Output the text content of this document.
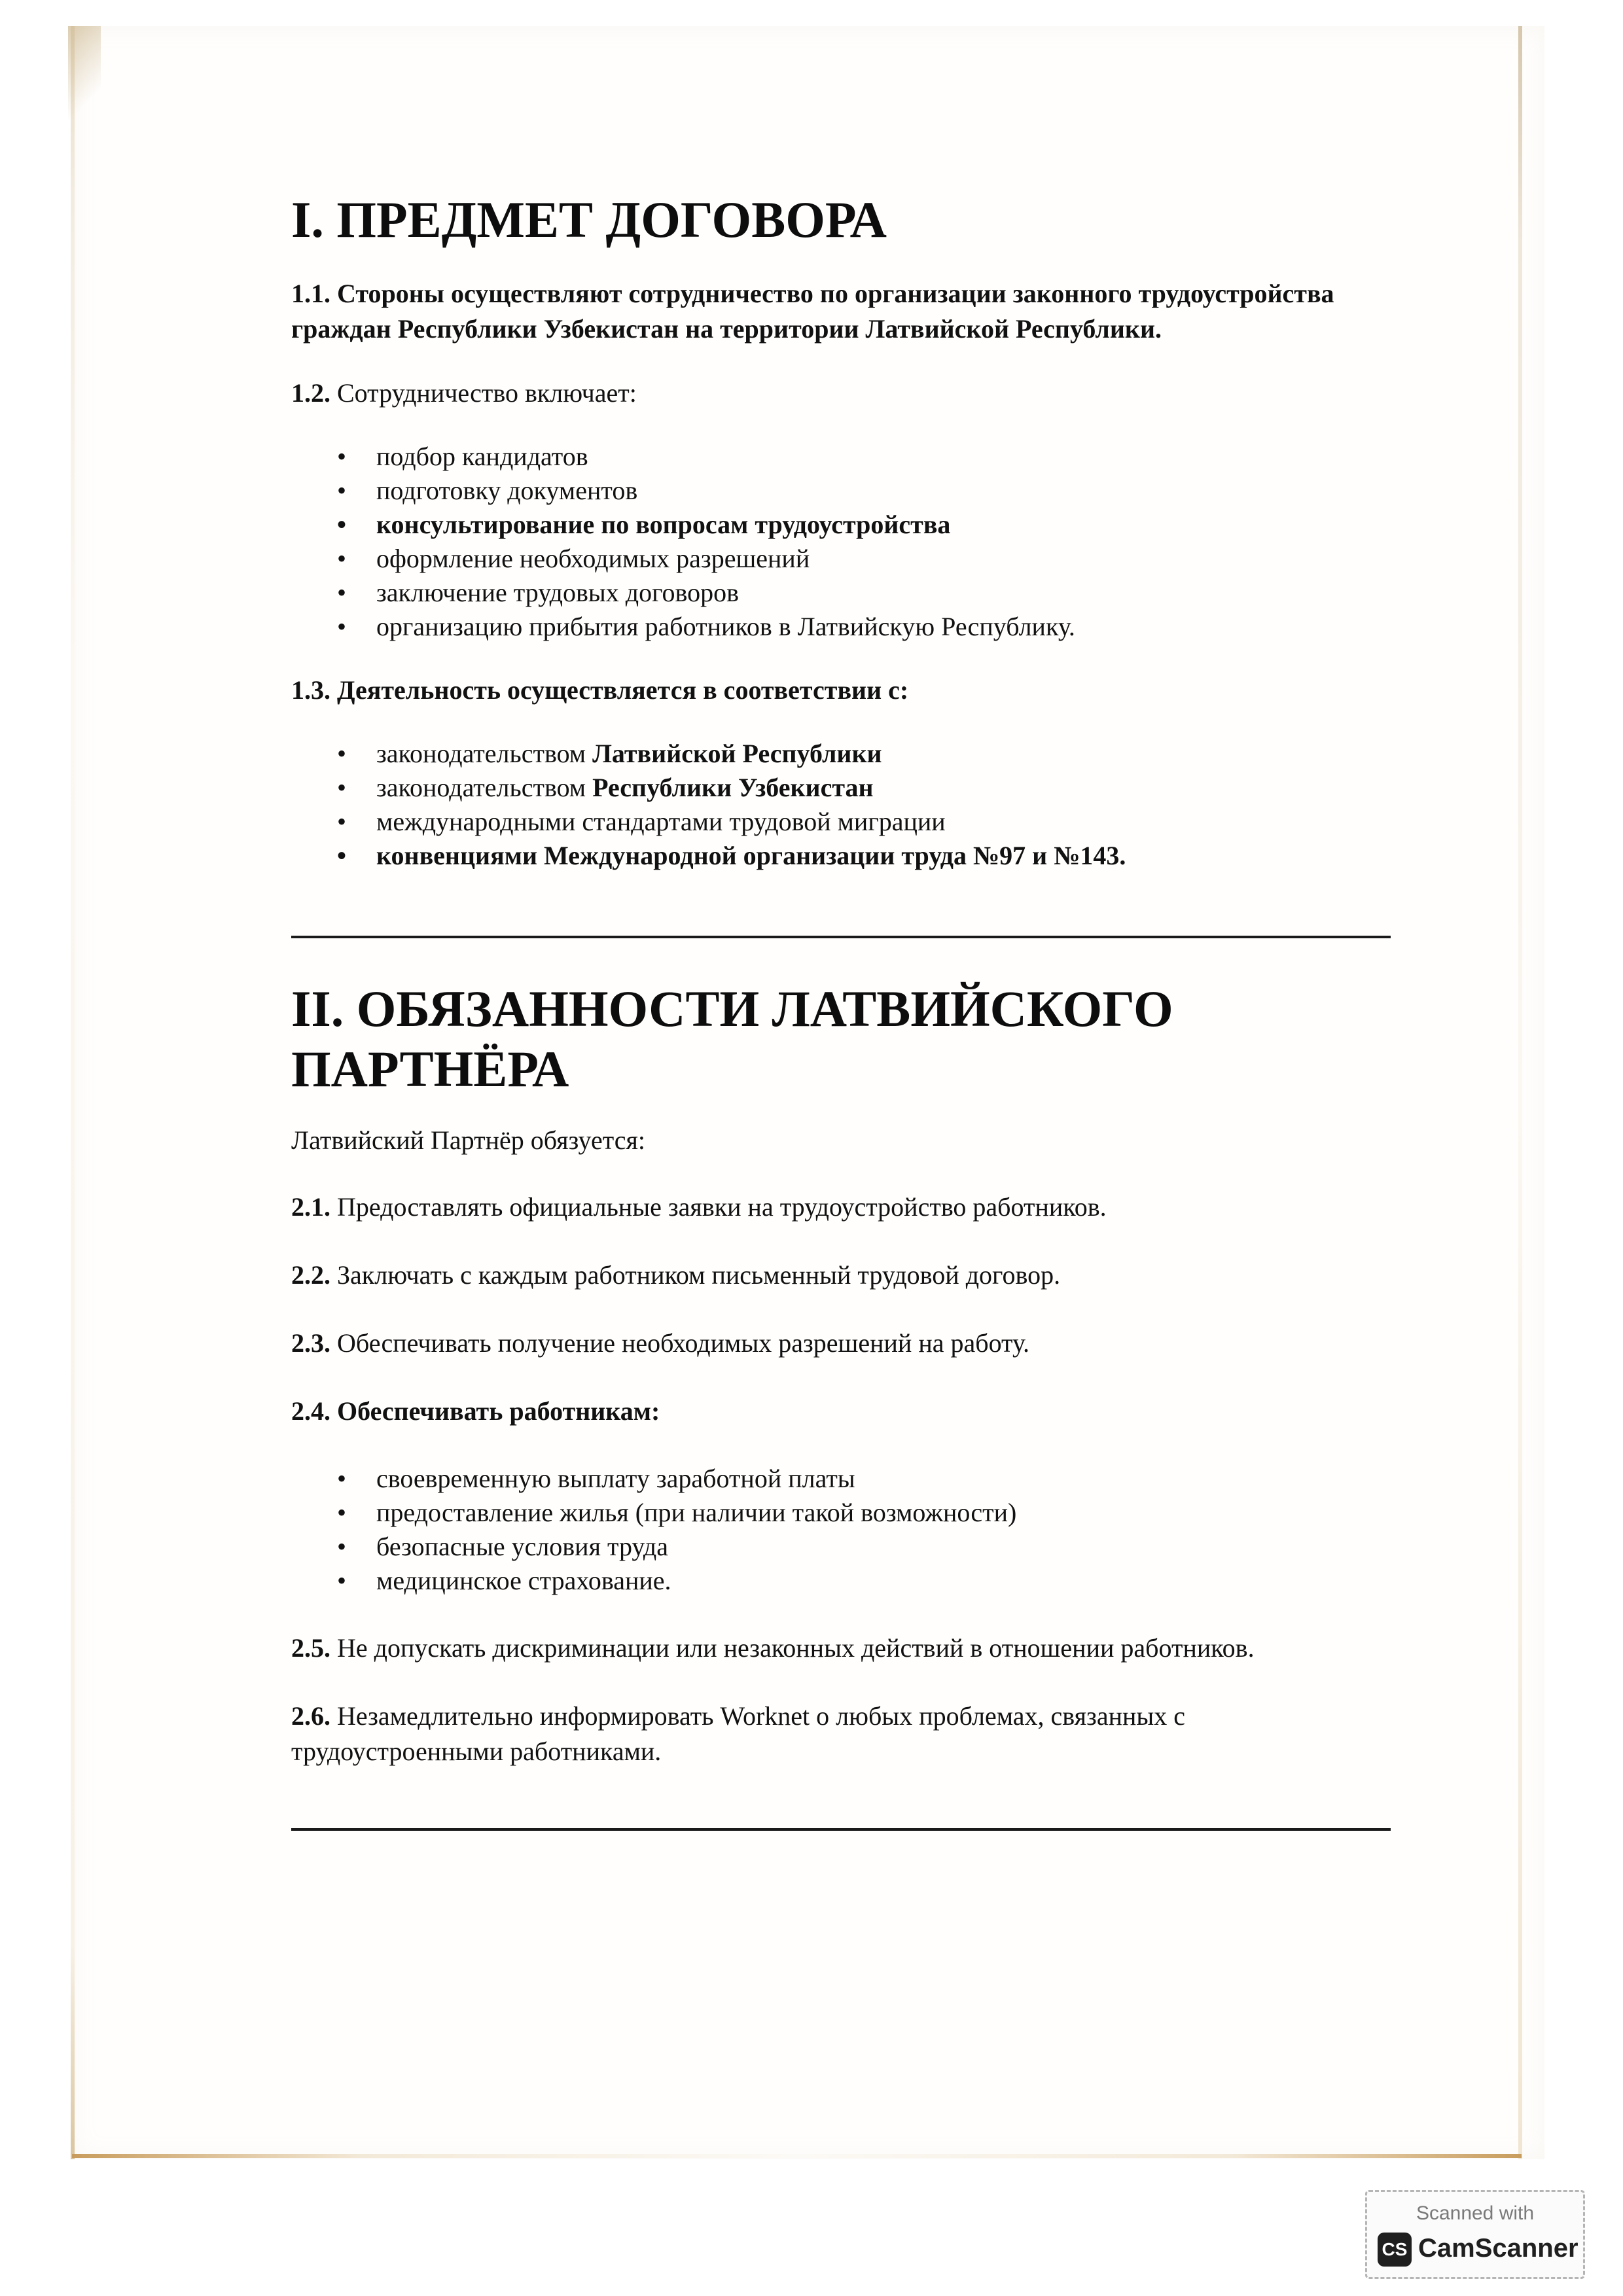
I. ПРЕДМЕТ ДОГОВОРА

1.1. Стороны осуществляют сотрудничество по организации законного трудоустройства граждан Республики Узбекистан на территории Латвийской Республики.

1.2. Сотрудничество включает:

• подбор кандидатов
• подготовку документов
• консультирование по вопросам трудоустройства
• оформление необходимых разрешений
• заключение трудовых договоров
• организацию прибытия работников в Латвийскую Республику.

1.3. Деятельность осуществляется в соответствии с:

• законодательством Латвийской Республики
• законодательством Республики Узбекистан
• международными стандартами трудовой миграции
• конвенциями Международной организации труда №97 и №143.
II. ОБЯЗАННОСТИ ЛАТВИЙСКОГО
ПАРТНЁРА

Латвийский Партнёр обязуется:

2.1. Предоставлять официальные заявки на трудоустройство работников.

2.2. Заключать с каждым работником письменный трудовой договор.

2.3. Обеспечивать получение необходимых разрешений на работу.

2.4. Обеспечивать работникам:

• своевременную выплату заработной платы
• предоставление жилья (при наличии такой возможности)
• безопасные условия труда
• медицинское страхование.

2.5. Не допускать дискриминации или незаконных действий в отношении работников.

2.6. Незамедлительно информировать Worknet о любых проблемах, связанных с трудоустроенными работниками.

Scanned with
CS CamScanner
